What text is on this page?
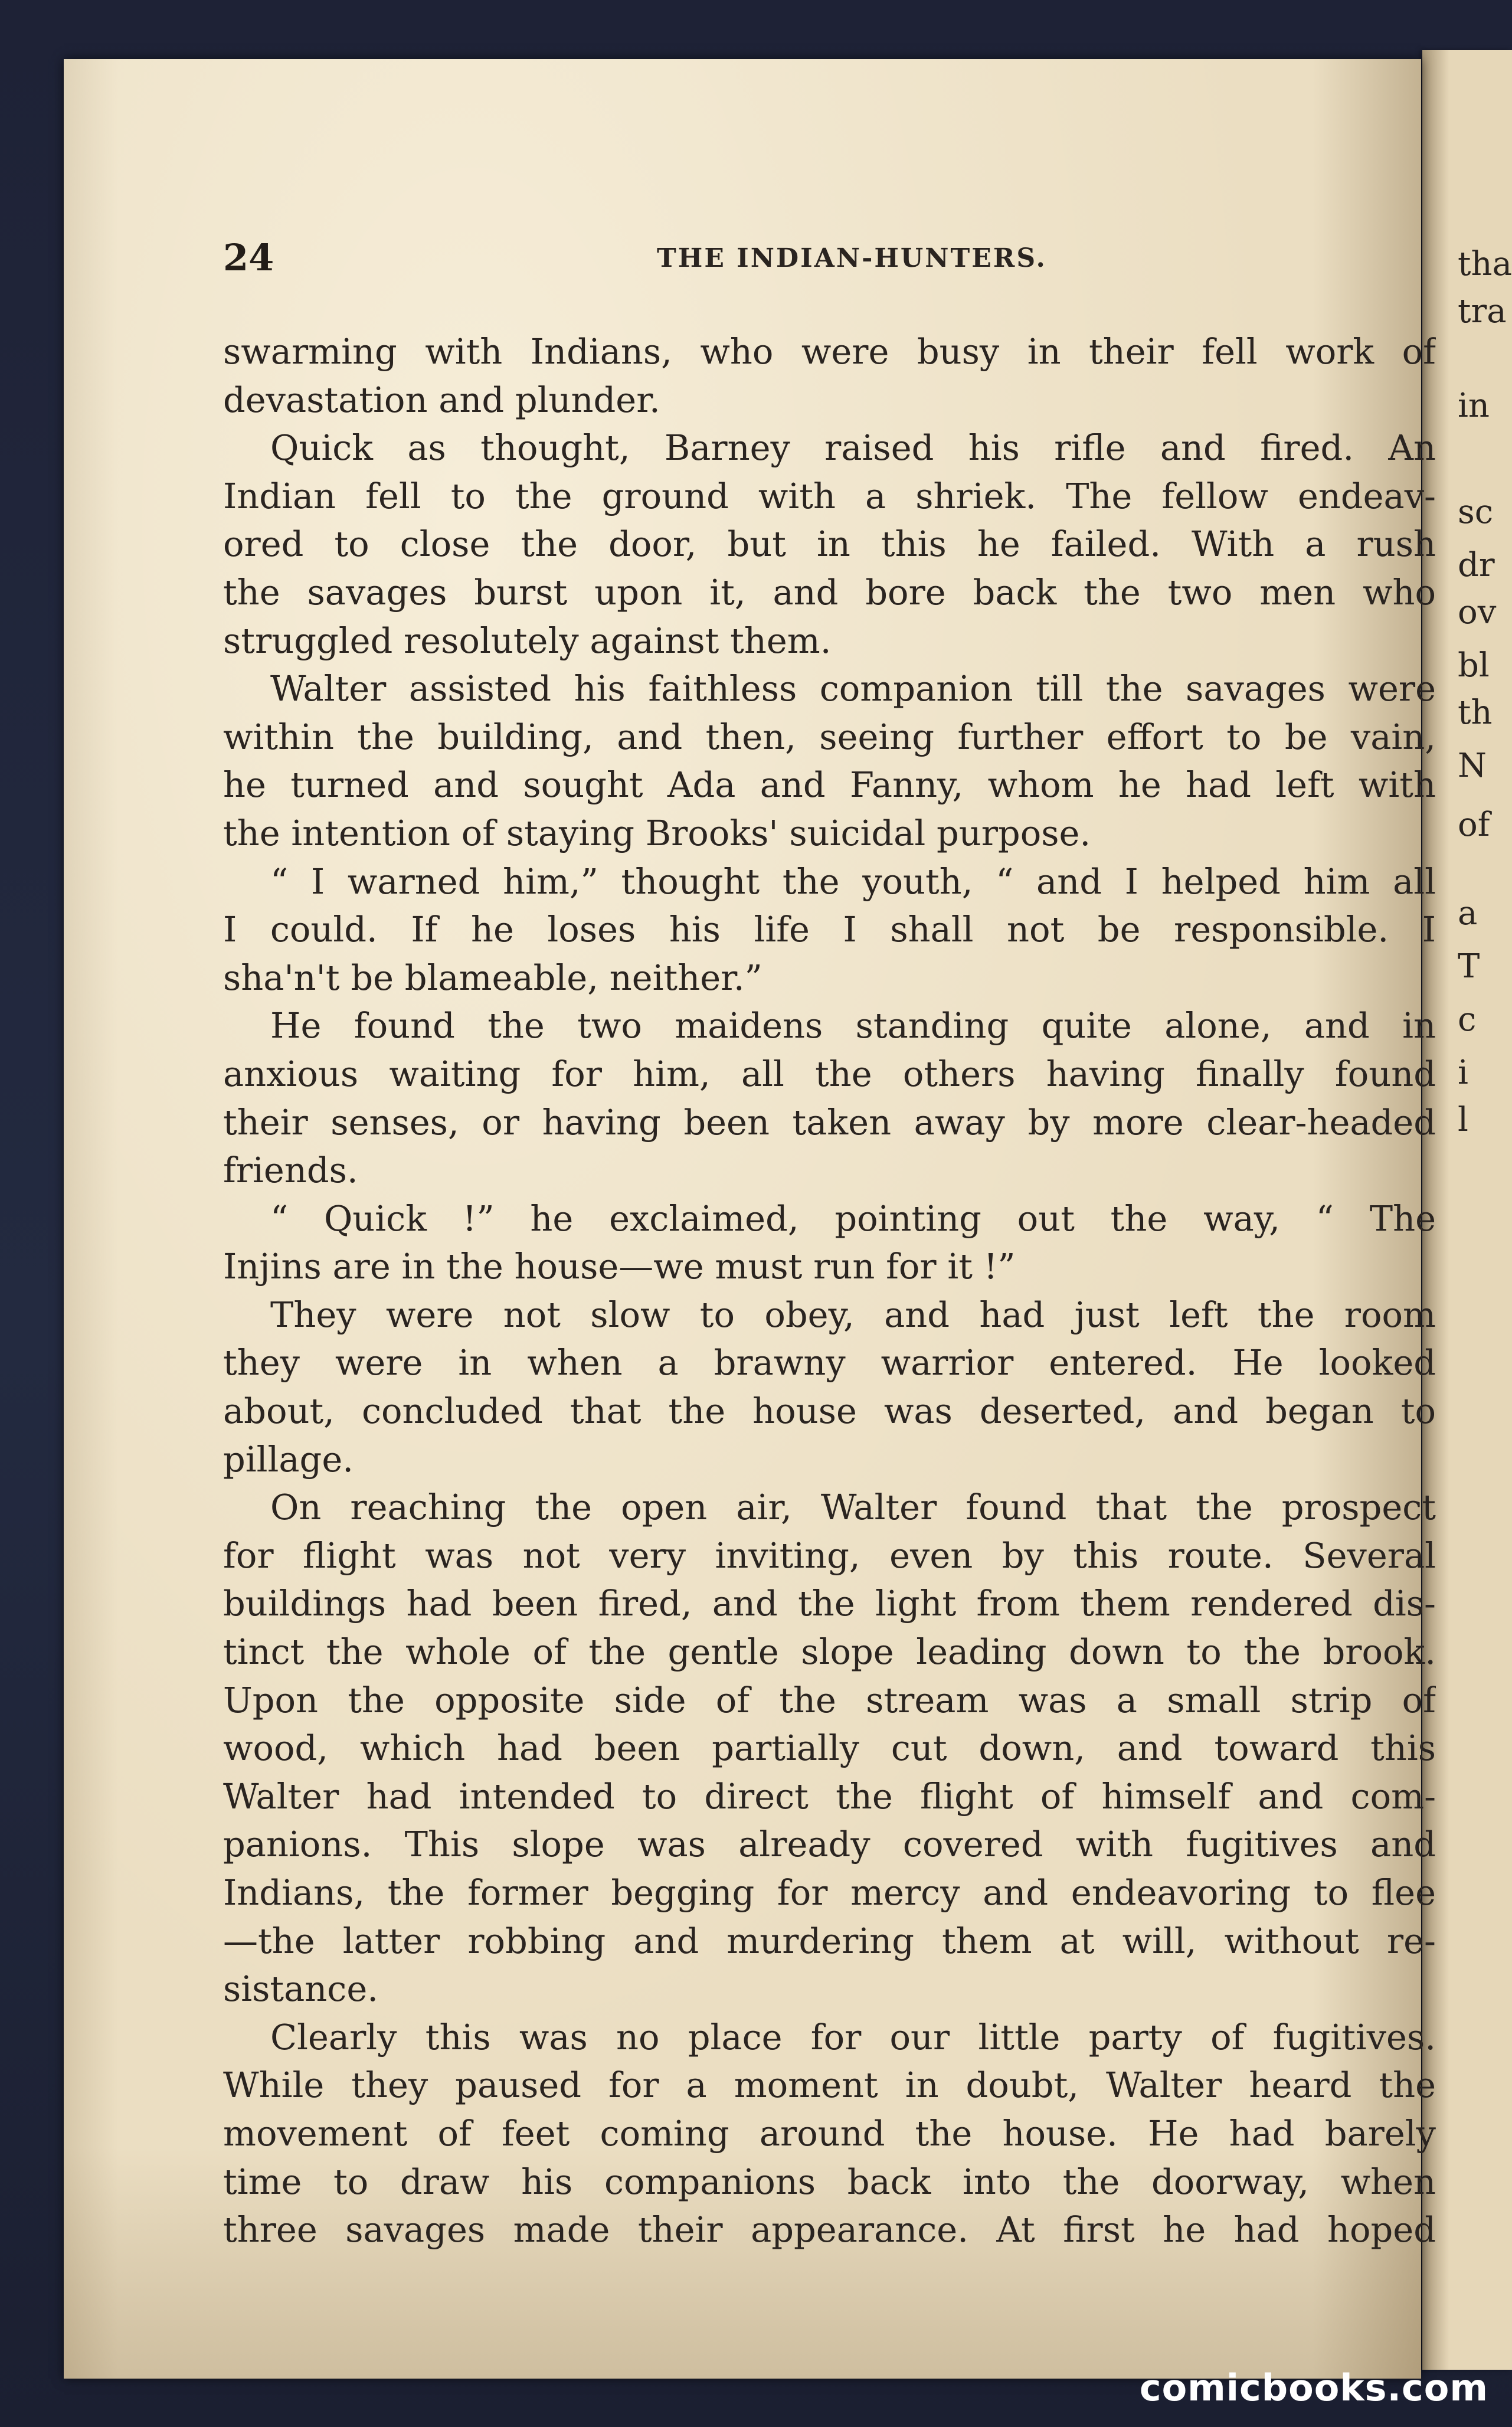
tha
tra
in
sc
dr
ov
bl
th
N
of
a
T
c
i
l
24	THE INDIAN-HUNTERS.
swarming with Indians, who were busy in their fell work of
devastation and plunder.
Quick as thought, Barney raised his rifle and fired. An
Indian fell to the ground with a shriek. The fellow endeav-
ored to close the door, but in this he failed. With a rush
the savages burst upon it, and bore back the two men who
struggled resolutely against them.
Walter assisted his faithless companion till the savages were
within the building, and then, seeing further effort to be vain,
he turned and sought Ada and Fanny, whom he had left with
the intention of staying Brooks' suicidal purpose.
“ I warned him,” thought the youth, “ and I helped him all
I could. If he loses his life I shall not be responsible. I
sha'n't be blameable, neither.”
He found the two maidens standing quite alone, and in
anxious waiting for him, all the others having finally found
their senses, or having been taken away by more clear-headed
friends.
“ Quick !” he exclaimed, pointing out the way, “ The
Injins are in the house—we must run for it !”
They were not slow to obey, and had just left the room
they were in when a brawny warrior entered. He looked
about, concluded that the house was deserted, and began to
pillage.
On reaching the open air, Walter found that the prospect
for flight was not very inviting, even by this route. Several
buildings had been fired, and the light from them rendered dis-
tinct the whole of the gentle slope leading down to the brook.
Upon the opposite side of the stream was a small strip of
wood, which had been partially cut down, and toward this
Walter had intended to direct the flight of himself and com-
panions. This slope was already covered with fugitives and
Indians, the former begging for mercy and endeavoring to flee
—the latter robbing and murdering them at will, without re-
sistance.
Clearly this was no place for our little party of fugitives.
While they paused for a moment in doubt, Walter heard the
movement of feet coming around the house. He had barely
time to draw his companions back into the doorway, when
three savages made their appearance. At first he had hoped
comicbooks.com
